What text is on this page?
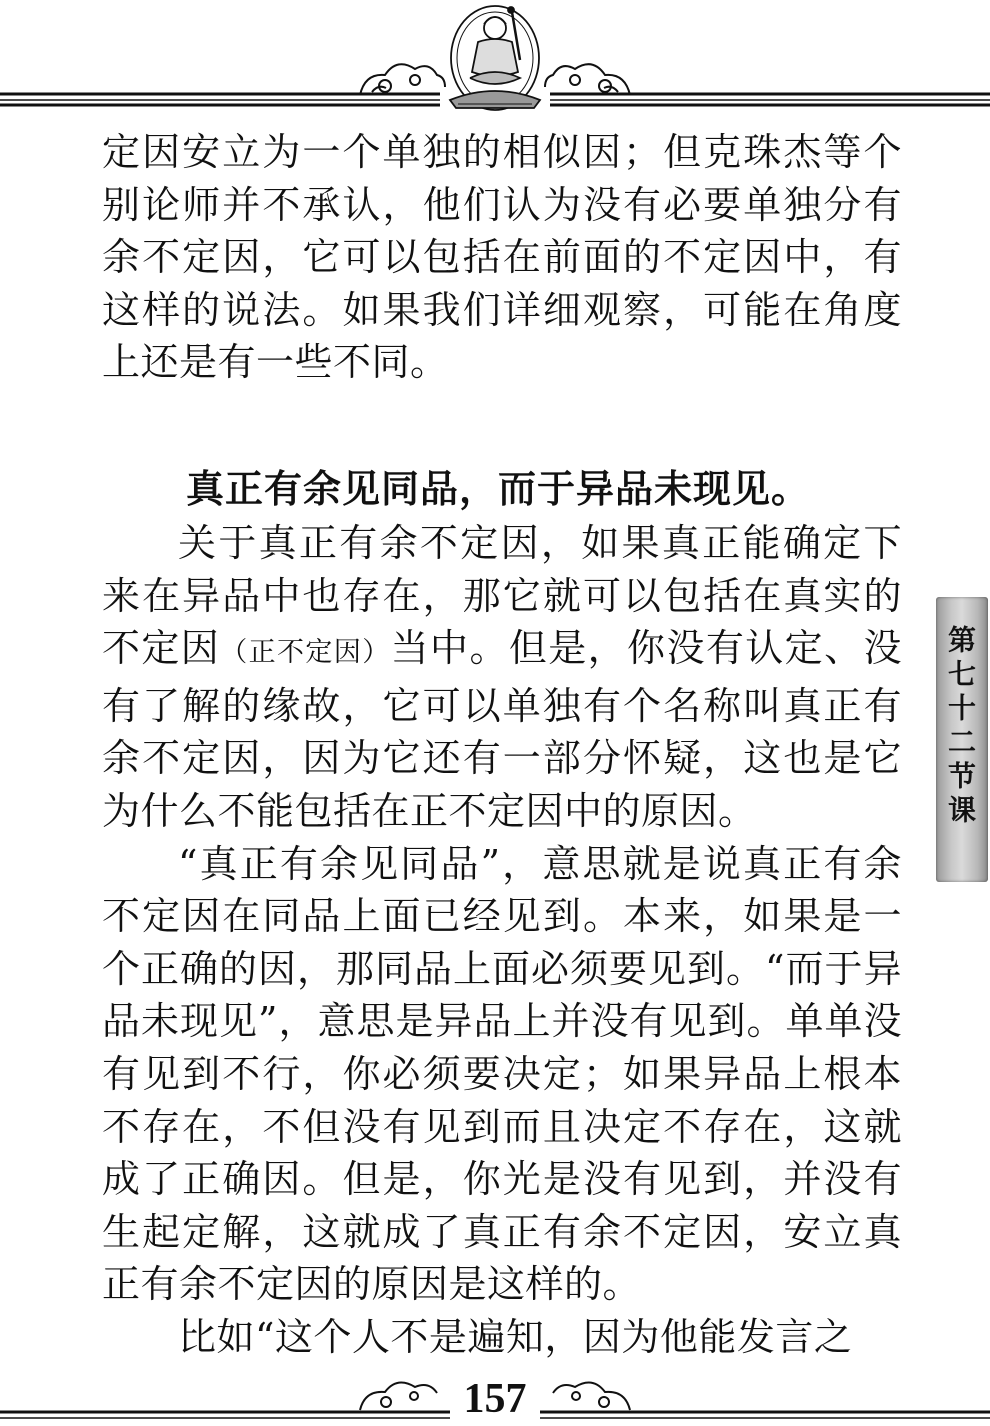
定因安立为一个单独的相似因；但克珠杰等个别论师并不承认，他们认为没有必要单独分有余不定因，它可以包括在前面的不定因中，有这样的说法。如果我们详细观察，可能在角度上还是有一些不同。

真正有余见同品，而于异品未现见。

关于真正有余不定因，如果真正能确定下来在异品中也存在，那它就可以包括在真实的不定因（正不定因）当中。但是，你没有认定、没有了解的缘故，它可以单独有个名称叫真正有余不定因，因为它还有一部分怀疑，这也是它为什么不能包括在正不定因中的原因。

“真正有余见同品”，意思就是说真正有余不定因在同品上面已经见到。本来，如果是一个正确的因，那同品上面必须要见到。“而于异品未现见”，意思是异品上并没有见到。单单没有见到不行，你必须要决定；如果异品上根本不存在，不但没有见到而且决定不存在，这就成了正确因。但是，你光是没有见到，并没有生起定解，这就成了真正有余不定因，安立真正有余不定因的原因是这样的。

比如“这个人不是遍知，因为他能发言之

第七十二节课
157
